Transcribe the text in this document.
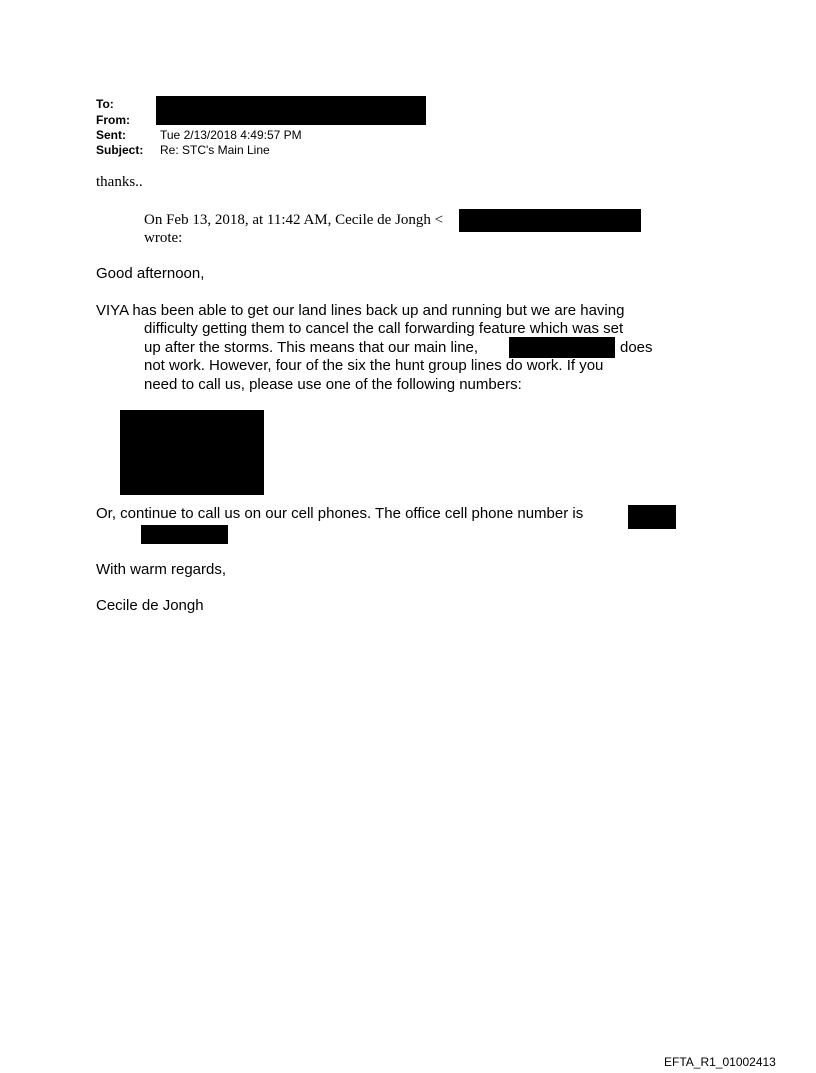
To:
From:
Sent:	Tue 2/13/2018 4:49:57 PM
Subject: Re: STC's Main Line
thanks..
On Feb 13, 2018, at 11:42 AM, Cecile de Jongh <
wrote:
Good afternoon,
VIYA has been able to get our land lines back up and running but we are having
difficulty getting them to cancel the call forwarding feature which was set
up after the storms. This means that our main line,	does
not work. However, four of the six the hunt group lines do work. If you
need to call us, please use one of the following numbers:
Or, continue to call us on our cell phones. The office cell phone number is
With warm regards,
Cecile de Jongh
EFTA_R1_01002413
